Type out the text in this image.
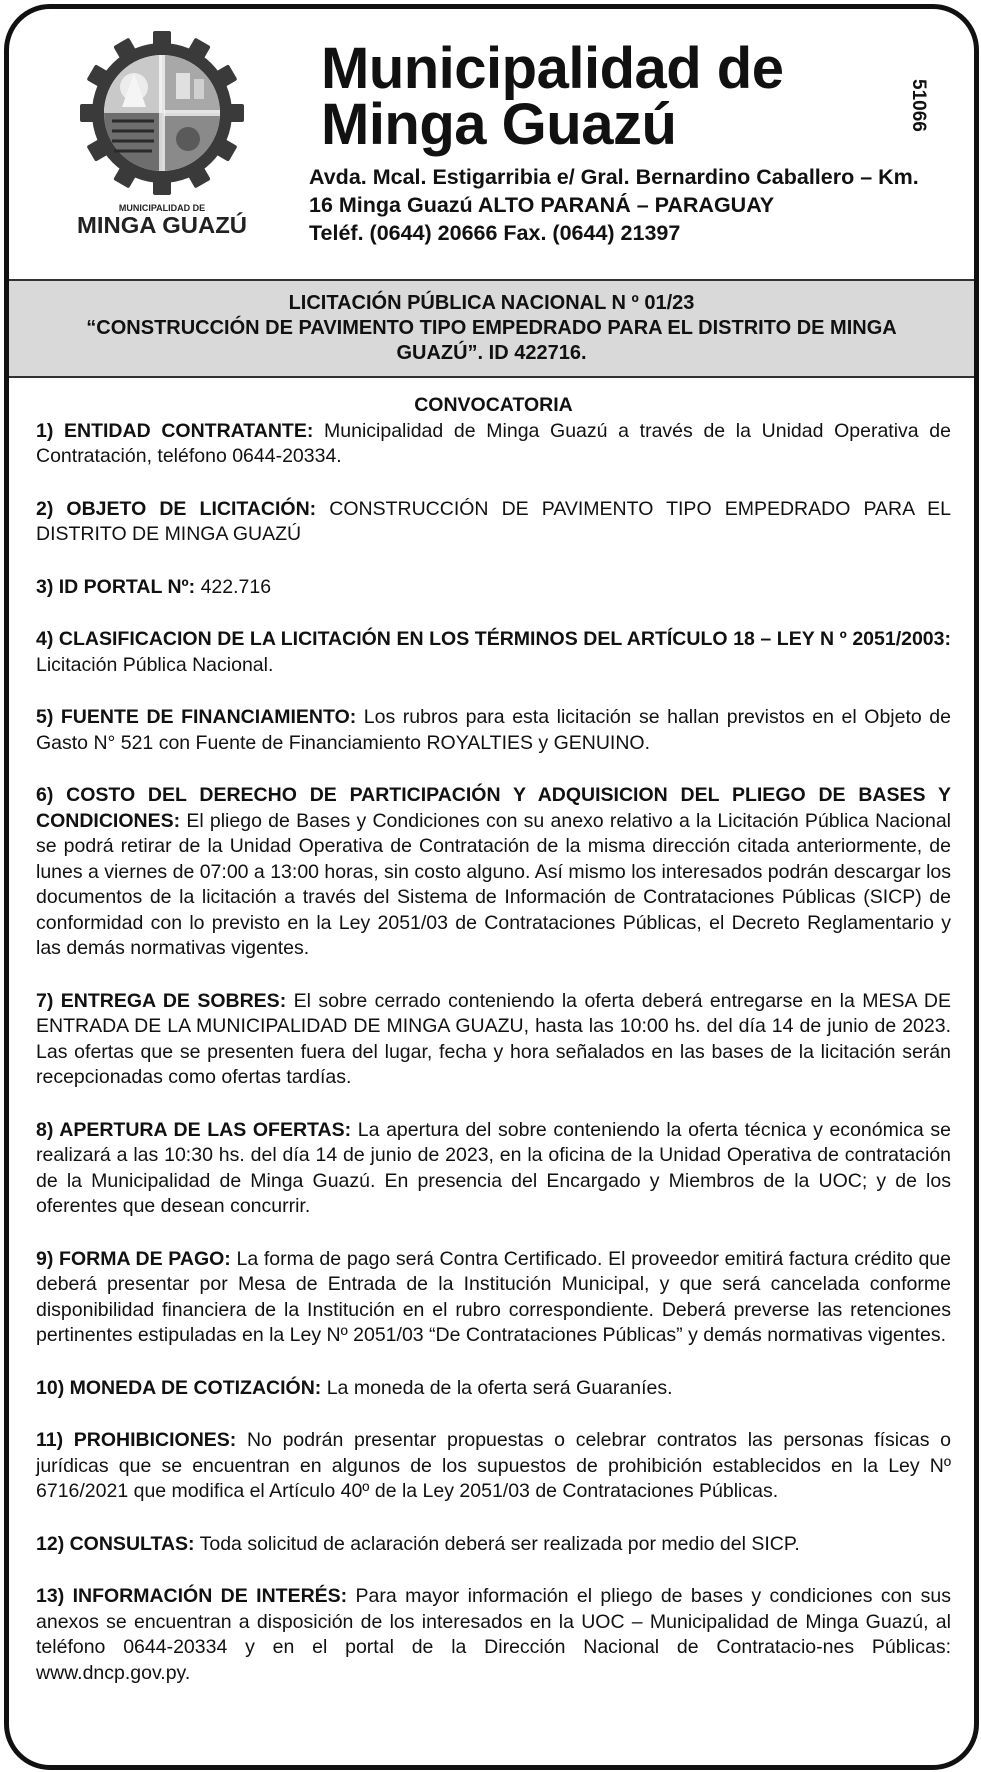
MUNICIPALIDAD DE
MINGA GUAZÚ
Municipalidad de
Minga Guazú
Avda. Mcal. Estigarribia e/ Gral. Bernardino Caballero – Km.
16 Minga Guazú ALTO PARANÁ – PARAGUAY
Teléf. (0644) 20666 Fax. (0644) 21397
51066
LICITACIÓN PÚBLICA NACIONAL N º 01/23
“CONSTRUCCIÓN DE PAVIMENTO TIPO EMPEDRADO PARA EL DISTRITO DE MINGA
GUAZÚ”. ID 422716.

CONVOCATORIA

1) ENTIDAD CONTRATANTE: Municipalidad de Minga Guazú a través de la Unidad Operativa de Contratación, teléfono 0644-20334.

2) OBJETO DE LICITACIÓN: CONSTRUCCIÓN DE PAVIMENTO TIPO EMPEDRADO PARA EL DISTRITO DE MINGA GUAZÚ

3) ID PORTAL Nº: 422.716

4) CLASIFICACION DE LA LICITACIÓN EN LOS TÉRMINOS DEL ARTÍCULO 18 – LEY N º 2051/2003: Licitación Pública Nacional.

5) FUENTE DE FINANCIAMIENTO: Los rubros para esta licitación se hallan previstos en el Objeto de Gasto N° 521 con Fuente de Financiamiento ROYALTIES y GENUINO.

6) COSTO DEL DERECHO DE PARTICIPACIÓN Y ADQUISICION DEL PLIEGO DE BASES Y CONDICIONES: El pliego de Bases y Condiciones con su anexo relativo a la Licitación Pública Nacional se podrá retirar de la Unidad Operativa de Contratación de la misma dirección citada anteriormente, de lunes a viernes de 07:00 a 13:00 horas, sin costo alguno. Así mismo los interesados podrán descargar los documentos de la licitación a través del Sistema de Información de Contrataciones Públicas (SICP) de conformidad con lo previsto en la Ley 2051/03 de Contrataciones Públicas, el Decreto Reglamentario y las demás normativas vigentes.

7) ENTREGA DE SOBRES: El sobre cerrado conteniendo la oferta deberá entregarse en la MESA DE ENTRADA DE LA MUNICIPALIDAD DE MINGA GUAZU, hasta las 10:00 hs. del día 14 de junio de 2023. Las ofertas que se presenten fuera del lugar, fecha y hora señalados en las bases de la licitación serán recepcionadas como ofertas tardías.

8) APERTURA DE LAS OFERTAS: La apertura del sobre conteniendo la oferta técnica y económica se realizará a las 10:30 hs. del día 14 de junio de 2023, en la oficina de la Unidad Operativa de contratación de la Municipalidad de Minga Guazú. En presencia del Encargado y Miembros de la UOC; y de los oferentes que desean concurrir.

9) FORMA DE PAGO: La forma de pago será Contra Certificado. El proveedor emitirá factura crédito que deberá presentar por Mesa de Entrada de la Institución Municipal, y que será cancelada conforme disponibilidad financiera de la Institución en el rubro correspondiente. Deberá preverse las retenciones pertinentes estipuladas en la Ley Nº 2051/03 “De Contrataciones Públicas” y demás normativas vigentes.

10) MONEDA DE COTIZACIÓN: La moneda de la oferta será Guaraníes.

11) PROHIBICIONES: No podrán presentar propuestas o celebrar contratos las personas físicas o jurídicas que se encuentran en algunos de los supuestos de prohibición establecidos en la Ley Nº 6716/2021 que modifica el Artículo 40º de la Ley 2051/03 de Contrataciones Públicas.

12) CONSULTAS: Toda solicitud de aclaración deberá ser realizada por medio del SICP.

13) INFORMACIÓN DE INTERÉS: Para mayor información el pliego de bases y condiciones con sus anexos se encuentran a disposición de los interesados en la UOC – Municipalidad de Minga Guazú, al teléfono 0644-20334 y en el portal de la Dirección Nacional de Contratacio-nes Públicas: www.dncp.gov.py.
